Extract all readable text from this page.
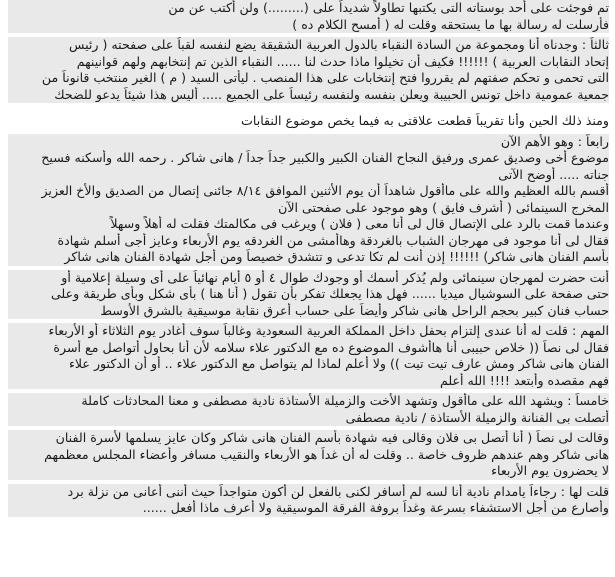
تم فوجئت على أحد بوستاته التى يكتبها تطاولاً شديداً على (.........) ولن أكتب عن من
فأرسلت له رسالة بها ما يستحقه وقلت له ( أمسح الكلام ده )
ثالثاً : وجدناه أنا ومجموعة من السادة النقباء بالدول العربية الشقيقة يضع لنفسه لقباً على صفحته ( رئيس
إتحاد النقابات العربية ) !!!!!! فكيف أن تخيلوا ماذا حدث لنا ...... النقباء الذين تم إنتخابهم ولهم قوانينهم
التى تحمى و تحكم صفتهم لم يقرروا فتح إنتخابات على هذا المنصب . ليأتى السيد ( م ) الغير منتخب قانوناً من
جمعية عمومية داخل تونس الحبيبة ويعلن بنفسه ولنفسه رئيساً على الجميع ..... أليس هذا شيئاً يدعو للضحك
ومنذ ذلك الحين وأنا تقريباً قطعت علاقتى به فيما يخص موضوع النقابات
رابعاً : وهو الأهم الآن
موضوع أخى وصديق عمرى ورفيق النجاح الفنان الكبير والكبير جداً جداً / هانى شاكر . رحمه الله وأسكنه فسيح
جناته ..... أوضح الآتى
أقسم بالله العظيم والله على ماأقول شاهداً أن يوم الأثنين الموافق ٨/١٤ جائنى إتصال من الصديق والأخ العزيز
المخرج السينمائى ( أشرف فايق ) وهو موجود على صفحتى الآن
وعندما قمت بالرد على الإتصال قال لى أنا معى ( فلان ) ويرغب فى مكالمتك فقلت له أهلاً وسهلاً
فقال لى أنا موجود فى مهرجان الشباب بالغردقة وهاأمشى من الغردقه يوم الأربعاء وعايز أجى أسلم شهادة
بأسم الفنان هانى شاكر) !!!!!! إذن أنت لم تكا تدعى و تتشدق خصيصاً ومن أجل شهادة الفنان هانى شاكر
أنت حضرت لمهرجان سينمائى ولم يُذكر أسمك أو وجودك طوال ٤ أو ٥ أيام نهائياً على أى وسيلة إعلامية أو
حتى صفحة على السوشيال ميديا ...... فهل هذا يجعلك تفكر بأن تقول ( أنا هنا ) بأى شكل وبأى طريقة وعلى
حساب فنان كبير بحجم الراحل هانى شاكر وأيضاً على حساب أعرق نقابة موسيقية بالشرق الأوسط
المهم : قلت له أنا عندى إلتزام بحفل داخل المملكة العربية السعودية وغالباً سوف أغادر يوم الثلاثاء أو الأربعاء
فقال لى نصاً (( خلاص حبيبى أنا هاأشوف الموضوع ده مع الدكتور علاء سلامه لأن أنا بحاول أتواصل مع أسرة
الفنان هانى شاكر ومش عارف تيت تيت )) ولا أعلم لماذا لم يتواصل مع الدكتور علاء .. أو أن الدكتور علاء
فهم مقصده وأبتعد !!!! الله أعلم
خامساً : ويشهد الله على ماأقول وتشهد الأخت والزميلة الأستاذة نادية مصطفى و معنا المحادثات كاملة
أتصلت بى الفنانة والزميلة الأستاذة / نادية مصطفى
وقالت لى نصاً ( أنا أتصل بى فلان وقالى فيه شهادة بأسم الفنان هانى شاكر وكان عايز يسلمها لأسرة الفنان
هانى شاكر وهم عندهم ظروف خاصة .. وقلت له أن غداً هو الأربعاء والنقيب مسافر وأعضاء المجلس معظمهم
لا يحضرون يوم الأربعاء
قلت لها : رجاءاً يامدام نادية أنا لسه لم أسافر لكنى بالفعل لن أكون متواجداً حيث أننى أعانى من نزلة برد
وأصارع من أجل الاستشفاء بسرعة وغداً بروفة الفرقة الموسيقية ولا أعرف ماذا أفعل ......
